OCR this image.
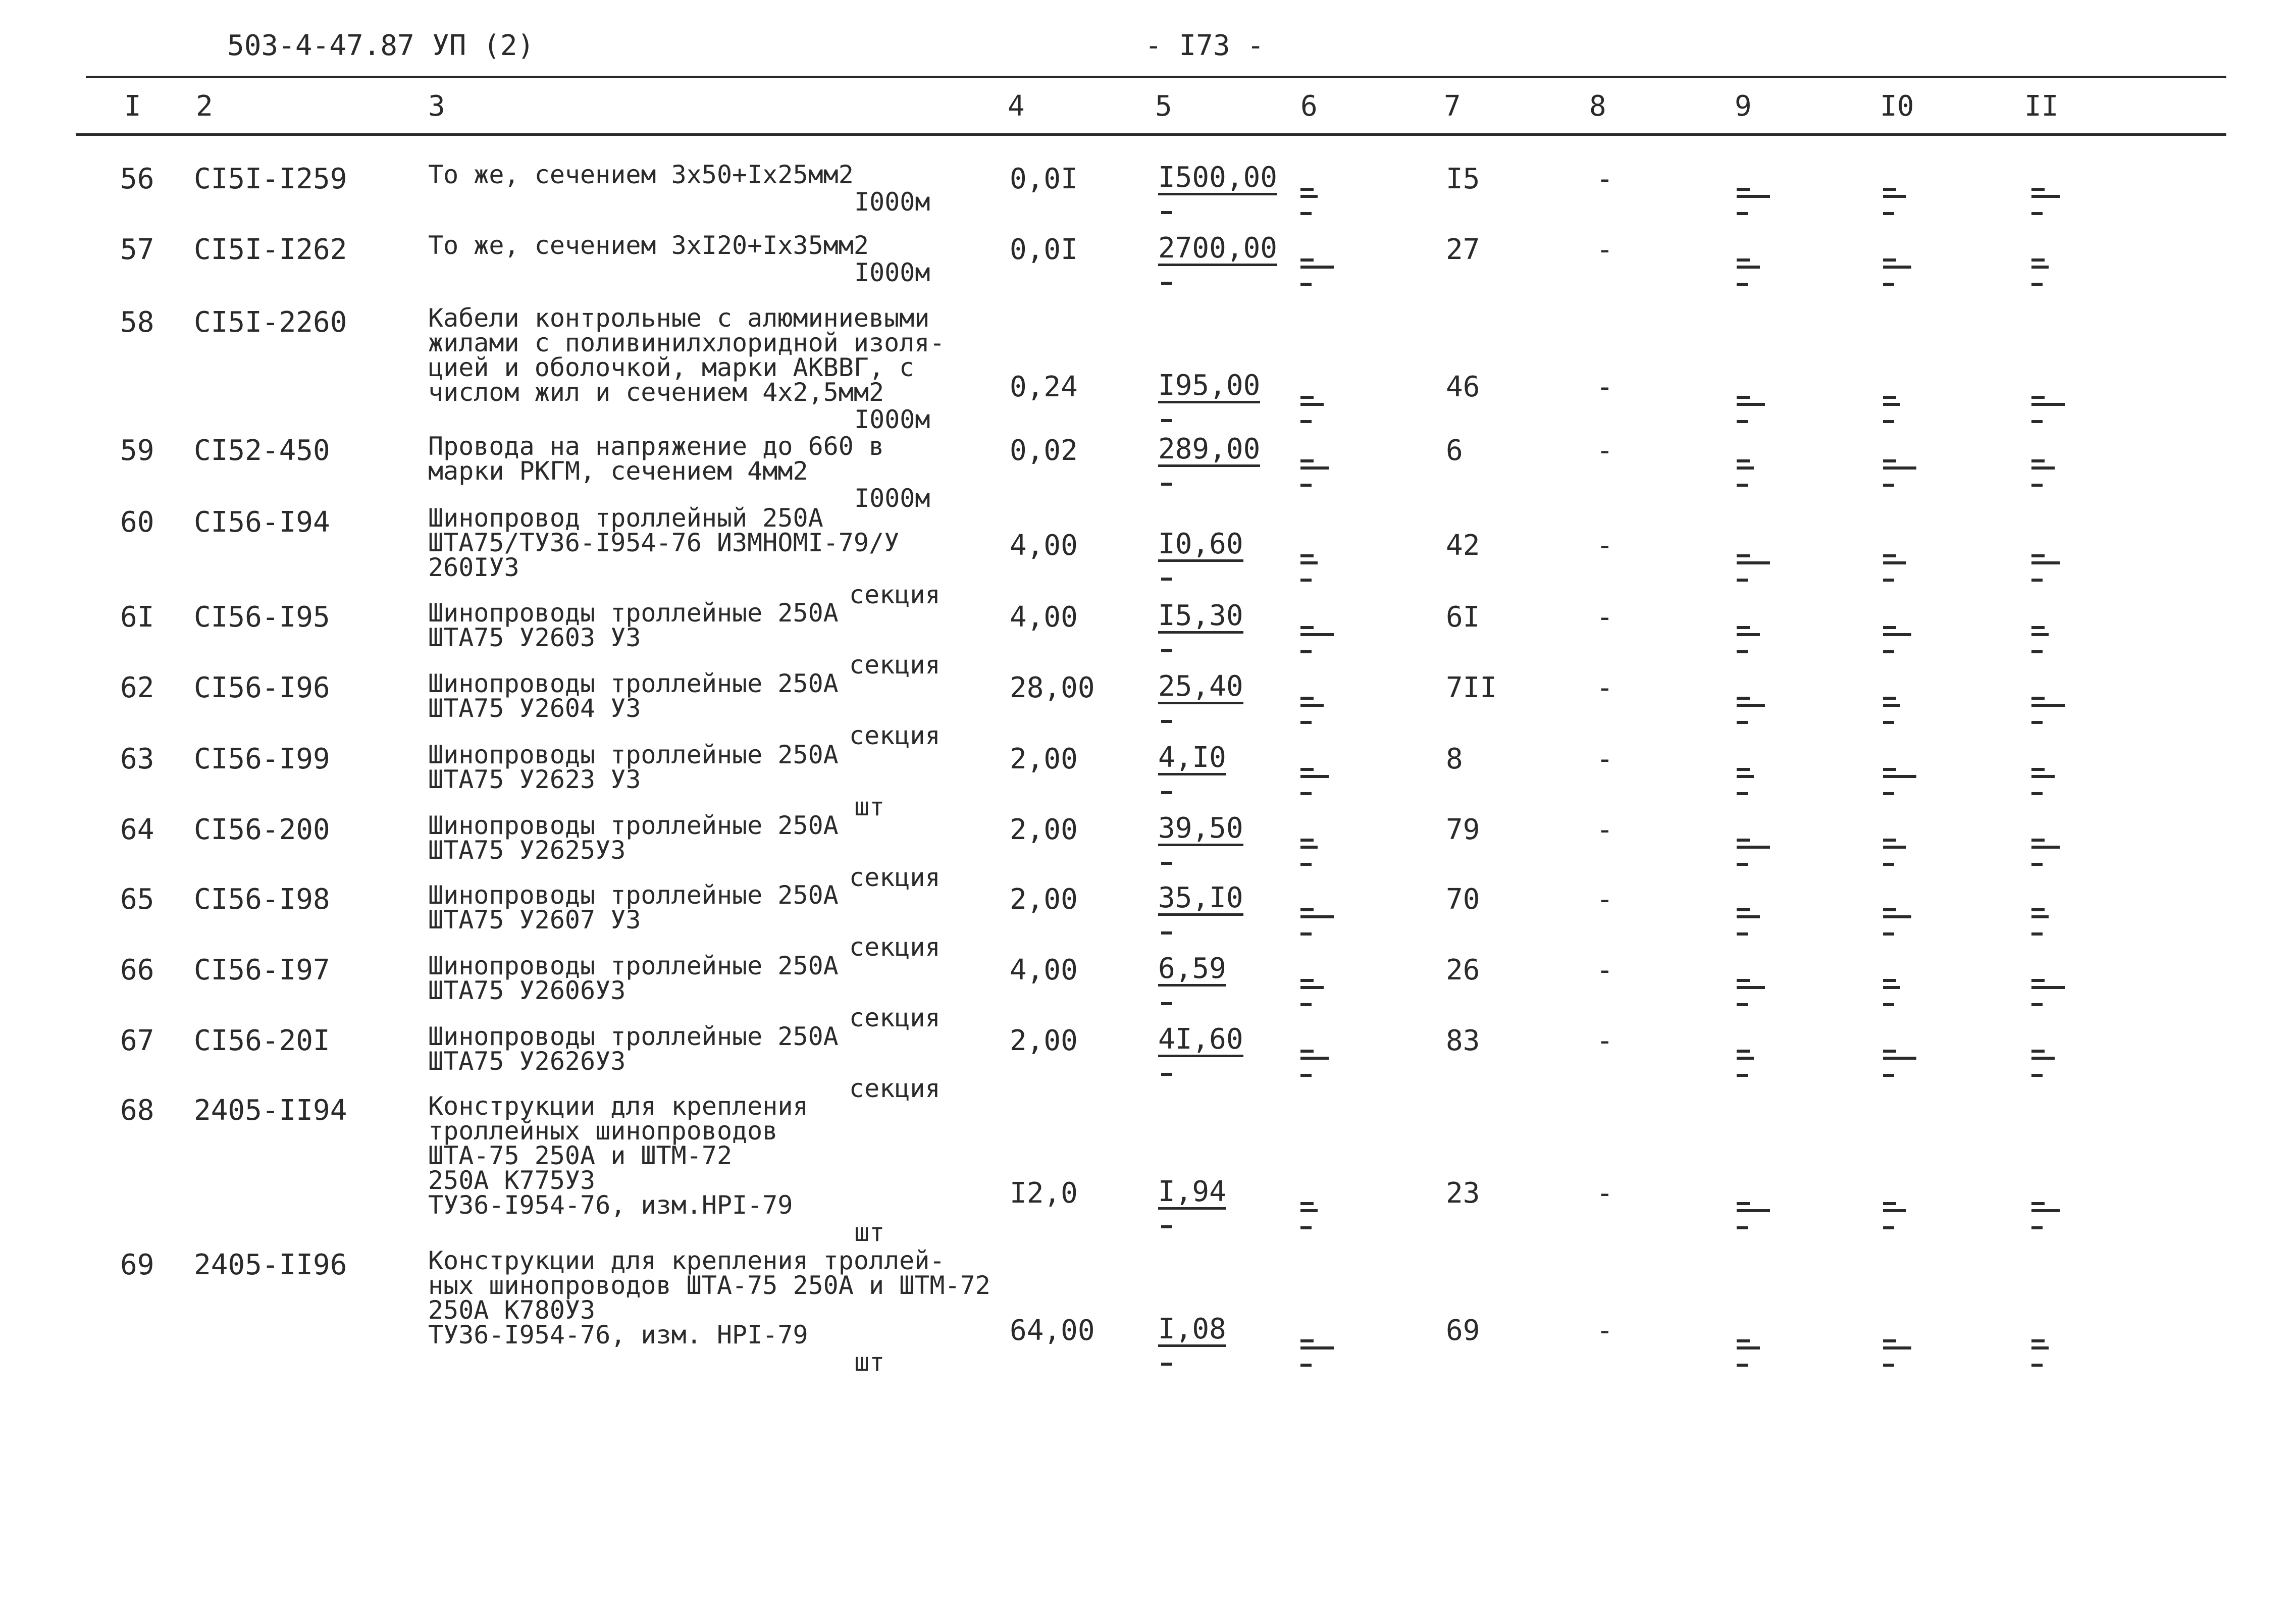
503-4-47.87 УП (2)	- I73 -
I 2	3	4	5	6	7	8	9	I0	II
56 CI5I-I259	То же, сечением 3x50+Ix25мм2
I000м
0,0I	I500,00	I5	-
57 CI5I-I262	То же, сечением 3xI20+Ix35мм2
I000м
0,0I	2700,00	27	-
58 CI5I-2260	Кабели контрольные с алюминиевыми
жилами с поливинилхлоридной изоля-
цией и оболочкой, марки АКВВГ, с
числом жил и сечением 4x2,5мм2
I000м
0,24	I95,00	46	-
59 CI52-450	Провода на напряжение до 660 в
марки РКГМ, сечением 4мм2
I000м
0,02	289,00	6	-
60 CI56-I94	Шинопровод троллейный 250А
ШТА75/ТУ36-I954-76 ИЗМНОМI-79/У
260IУ3
секция
4,00	I0,60	42	-
6I CI56-I95	Шинопроводы троллейные 250А
ШТА75 У2603 У3
секция
4,00	I5,30	6I	-
62 CI56-I96	Шинопроводы троллейные 250А
ШТА75 У2604 У3
секция
28,00 25,40	7II	-
63 CI56-I99	Шинопроводы троллейные 250А
ШТА75 У2623 У3
шт
2,00	4,I0	8	-
64 CI56-200	Шинопроводы троллейные 250А
ШТА75 У2625У3
секция
2,00	39,50	79	-
65 CI56-I98	Шинопроводы троллейные 250А
ШТА75 У2607 У3
секция
2,00	35,I0	70	-
66 CI56-I97	Шинопроводы троллейные 250А
ШТА75 У2606У3
секция
4,00	6,59	26	-
67 CI56-20I	Шинопроводы троллейные 250А
ШТА75 У2626У3
секция
2,00	4I,60	83	-
68 2405-II94	Конструкции для крепления
троллейных шинопроводов
ШТА-75 250А и ШТМ-72
250А К775У3
ТУ36-I954-76, изм.НРI-79
шт
I2,0	I,94	23	-
69 2405-II96	Конструкции для крепления троллей-
ных шинопроводов ШТА-75 250А и ШТМ-72
250А К780У3
ТУ36-I954-76, изм. НРI-79
шт
64,00 I,08	69	-
